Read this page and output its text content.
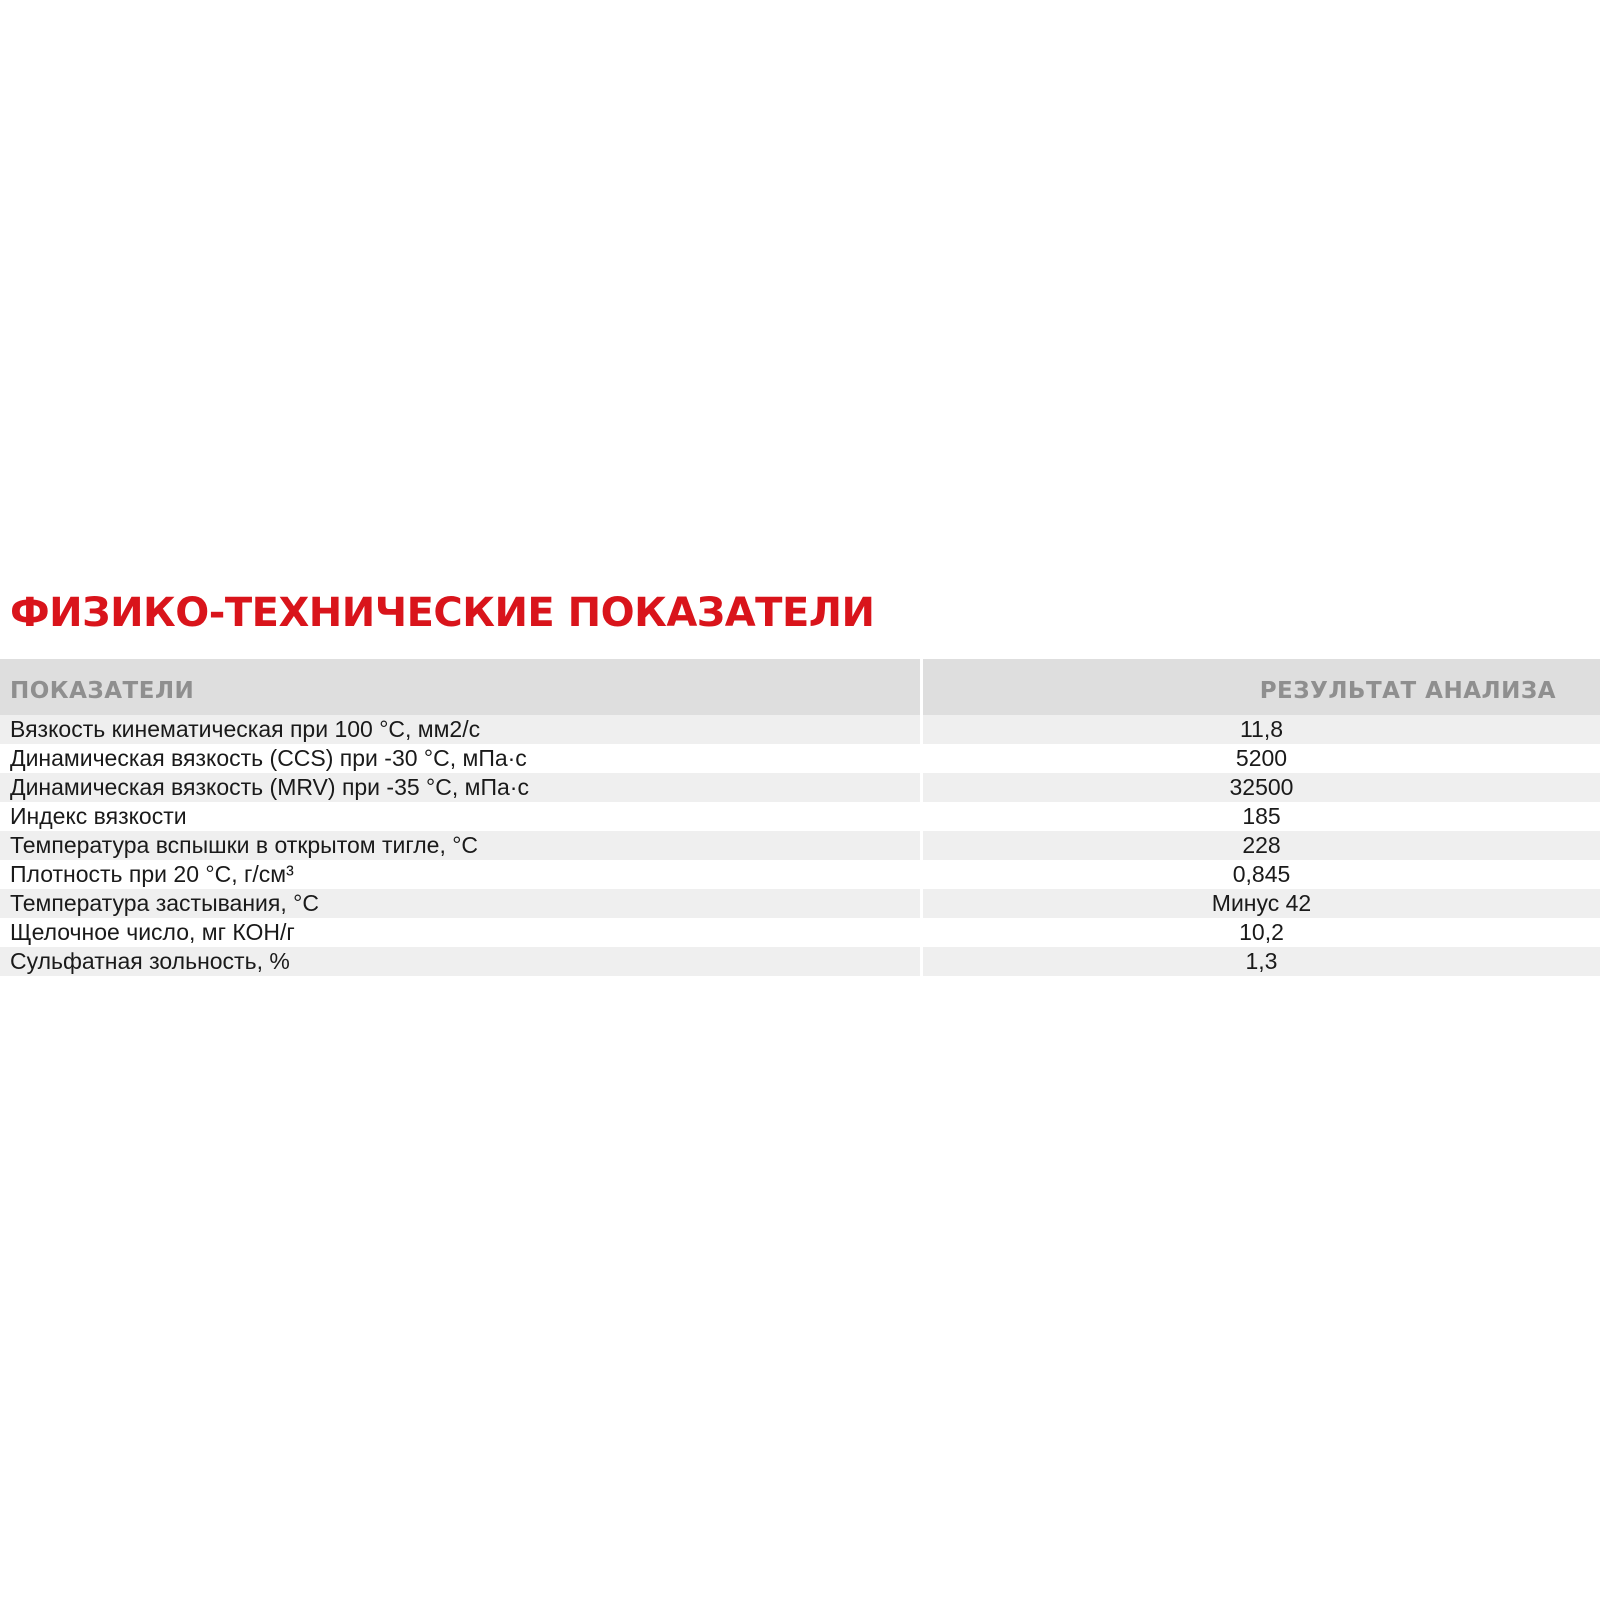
ФИЗИКО-ТЕХНИЧЕСКИЕ ПОКАЗАТЕЛИ
ПОКАЗАТЕЛИ	РЕЗУЛЬТАТ АНАЛИЗА
Вязкость кинематическая при 100 °С, мм2/с	11,8
Динамическая вязкость (CCS) при -30 °С, мПа·с	5200
Динамическая вязкость (MRV) при -35 °С, мПа·с	32500
Индекс вязкости	185
Температура вспышки в открытом тигле, °С	228
Плотность при 20 °С, г/см³	0,845
Температура застывания, °С	Минус 42
Щелочное число, мг КОН/г	10,2
Сульфатная зольность, %	1,3
